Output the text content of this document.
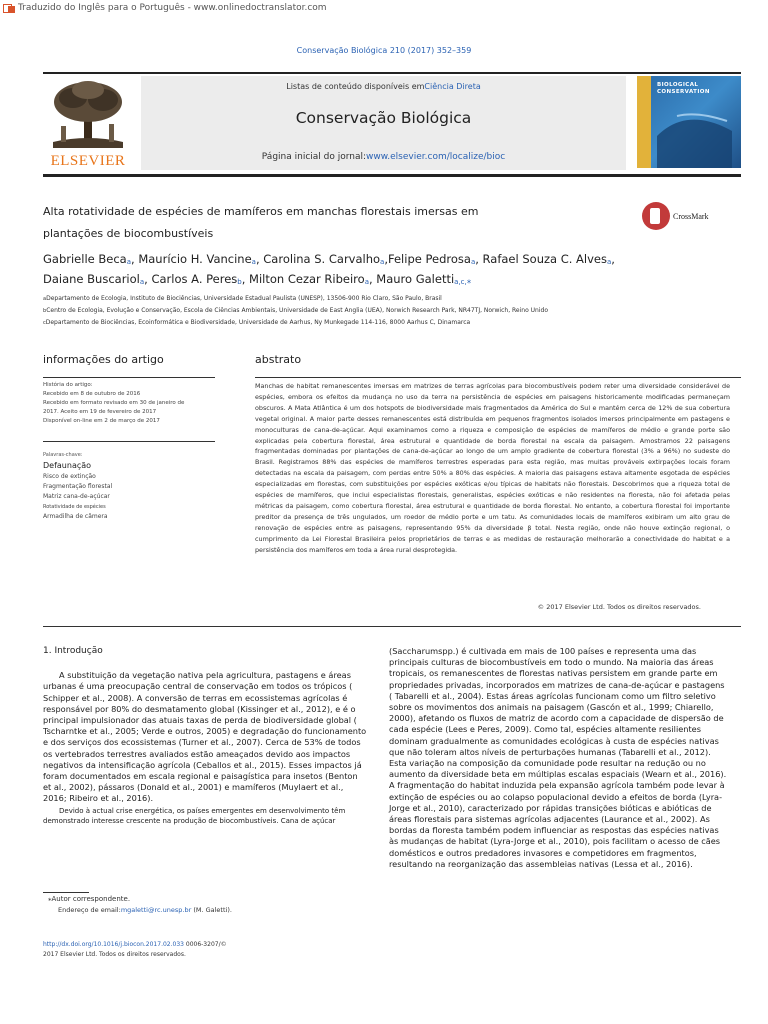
Traduzido do Inglês para o Português - www.onlinedoctranslator.com
Conservação Biológica 210 (2017) 352–359
ELSEVIER
Listas de conteúdo disponíveis emCiência Direta
Conservação Biológica
Página inicial do jornal:www.elsevier.com/localize/bioc
BIOLOGICAL CONSERVATION
Alta rotatividade de espécies de mamíferos em manchas florestais imersas em
plantações de biocombustíveis
CrossMark
Gabrielle Beca$_a$, Maurício H. Vancine$_a$, Carolina S. Carvalho$_a$,Felipe Pedrosa$_a$, Rafael Souza C. Alves$_a$,
Daiane Buscariol$_a$, Carlos A. Peres$_b$, Milton Cezar Ribeiro$_a$, Mauro Galetti$_{a,c,}$⁎
aDepartamento de Ecologia, Instituto de Biociências, Universidade Estadual Paulista (UNESP), 13506-900 Rio Claro, São Paulo, Brasil
bCentro de Ecologia, Evolução e Conservação, Escola de Ciências Ambientais, Universidade de East Anglia (UEA), Norwich Research Park, NR47TJ, Norwich, Reino Unido
cDepartamento de Biociências, Ecoinformática e Biodiversidade, Universidade de Aarhus, Ny Munkegade 114-116, 8000 Aarhus C, Dinamarca
informações do artigo
História do artigo:
Recebido em 8 de outubro de 2016
Recebido em formato revisado em 30 de janeiro de
2017. Aceito em 19 de fevereiro de 2017
Disponível on-line em 2 de março de 2017
Palavras-chave:
Defaunação
Risco de extinção
Fragmentação florestal
Matriz cana-de-açúcar
Rotatividade de espécies
Armadilha de câmera
abstrato
Manchas de habitat remanescentes imersas em matrizes de terras agrícolas para biocombustíveis podem reter uma diversidade considerável de espécies, embora os efeitos da mudança no uso da terra na persistência de espécies em paisagens historicamente modificadas permaneçam obscuros. A Mata Atlântica é um dos hotspots de biodiversidade mais fragmentados da América do Sul e mantém cerca de 12% de sua cobertura vegetal original. A maior parte desses remanescentes está distribuída em pequenos fragmentos isolados imersos principalmente em pastagens e monoculturas de cana-de-açúcar. Aqui examinamos como a riqueza e composição de espécies de mamíferos de médio e grande porte são explicadas pela cobertura florestal, área estrutural e quantidade de borda florestal na escala da paisagem. Amostramos 22 paisagens fragmentadas dominadas por plantações de cana-de-açúcar ao longo de um amplo gradiente de cobertura florestal (3% a 96%) no sudeste do Brasil. Registramos 88% das espécies de mamíferos terrestres esperadas para esta região, mas muitas prováveis extirpações locais foram detectadas na escala da paisagem, com perdas entre 50% a 80% das espécies. A maioria das paisagens estava altamente esgotada de espécies especializadas em florestas, com substituições por espécies exóticas e/ou típicas de habitats não florestais. Descobrimos que a riqueza total de espécies de mamíferos, que inclui especialistas florestais, generalistas, espécies exóticas e não residentes na floresta, não foi afetada pelas métricas da paisagem, como cobertura florestal, área estrutural e quantidade de borda florestal. No entanto, a cobertura florestal foi importante preditor da presença de três ungulados, um roedor de médio porte e um tatu. As comunidades locais de mamíferos exibiram um alto grau de renovação de espécies entre as paisagens, representando 95% da diversidade β total. Nesta região, onde não houve extinção regional, o cumprimento da Lei Florestal Brasileira pelos proprietários de terras e as medidas de restauração melhorarão a conectividade do habitat e a persistência dos mamíferos em toda a área rural desprotegida.
© 2017 Elsevier Ltd. Todos os direitos reservados.
1. Introdução

A substituição da vegetação nativa pela agricultura, pastagens e áreas urbanas é uma preocupação central de conservação em todos os trópicos ( Schipper et al., 2008). A conversão de terras em ecossistemas agrícolas é responsável por 80% do desmatamento global (Kissinger et al., 2012), e é o principal impulsionador das atuais taxas de perda de biodiversidade global ( Tscharntke et al., 2005; Verde e outros, 2005) e degradação do funcionamento e dos serviços dos ecossistemas (Turner et al., 2007). Cerca de 53% de todos os vertebrados terrestres avaliados estão ameaçados devido aos impactos negativos da intensificação agrícola (Ceballos et al., 2015). Esses impactos já foram documentados em escala regional e paisagística para insetos (Benton et al., 2002), pássaros (Donald et al., 2001) e mamíferos (Muylaert et al., 2016; Ribeiro et al., 2016).

Devido à actual crise energética, os países emergentes em desenvolvimento têm demonstrado interesse crescente na produção de biocombustíveis. Cana de açúcar

(Saccharumspp.) é cultivada em mais de 100 países e representa uma das principais culturas de biocombustíveis em todo o mundo. Na maioria das áreas tropicais, os remanescentes de florestas nativas persistem em grande parte em propriedades privadas, incorporados em matrizes de cana-de-açúcar e pastagens ( Tabarelli et al., 2004). Estas áreas agrícolas funcionam como um filtro seletivo sobre os movimentos dos animais na paisagem (Gascón et al., 1999; Chiarello, 2000), afetando os fluxos de matriz de acordo com a capacidade de dispersão de cada espécie (Lees e Peres, 2009). Como tal, espécies altamente resilientes dominam gradualmente as comunidades ecológicas à custa de espécies nativas que não toleram altos níveis de perturbações humanas (Tabarelli et al., 2012). Esta variação na composição da comunidade pode resultar na redução ou no aumento da diversidade beta em múltiplas escalas espaciais (Wearn et al., 2016). A fragmentação do habitat induzida pela expansão agrícola também pode levar à extinção de espécies ou ao colapso populacional devido a efeitos de borda (Lyra-Jorge et al., 2010), caracterizado por rápidas transições bióticas e abióticas de áreas florestais para sistemas agrícolas adjacentes (Laurance et al., 2002). As bordas da floresta também podem influenciar as respostas das espécies nativas às mudanças de habitat (Lyra-Jorge et al., 2010), pois facilitam o acesso de cães domésticos e outros predadores invasores e competidores em fragmentos, resultando na reorganização das assembleias nativas (Lessa et al., 2016).

⁎Autor correspondente.
Endereço de email:mgaletti@rc.unesp.br (M. Galetti).
http://dx.doi.org/10.1016/j.biocon.2017.02.033 0006-3207/©
2017 Elsevier Ltd. Todos os direitos reservados.
